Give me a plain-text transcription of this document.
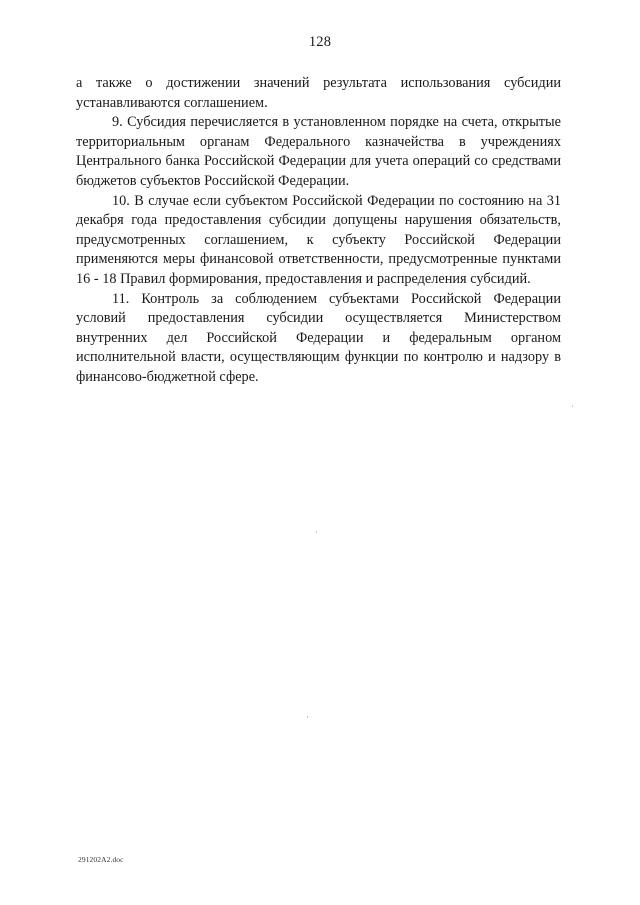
128

а также о достижении значений результата использования субсидии устанавливаются соглашением.

9. Субсидия перечисляется в установленном порядке на счета, открытые территориальным органам Федерального казначейства в учреждениях Центрального банка Российской Федерации для учета операций со средствами бюджетов субъектов Российской Федерации.

10. В случае если субъектом Российской Федерации по состоянию на 31 декабря года предоставления субсидии допущены нарушения обязательств, предусмотренных соглашением, к субъекту Российской Федерации применяются меры финансовой ответственности, предусмотренные пунктами 16 - 18 Правил формирования, предоставления и распределения субсидий.

11. Контроль за соблюдением субъектами Российской Федерации условий предоставления субсидии осуществляется Министерством внутренних дел Российской Федерации и федеральным органом исполнительной власти, осуществляющим функции по контролю и надзору в финансово-бюджетной сфере.

291202A2.doc
